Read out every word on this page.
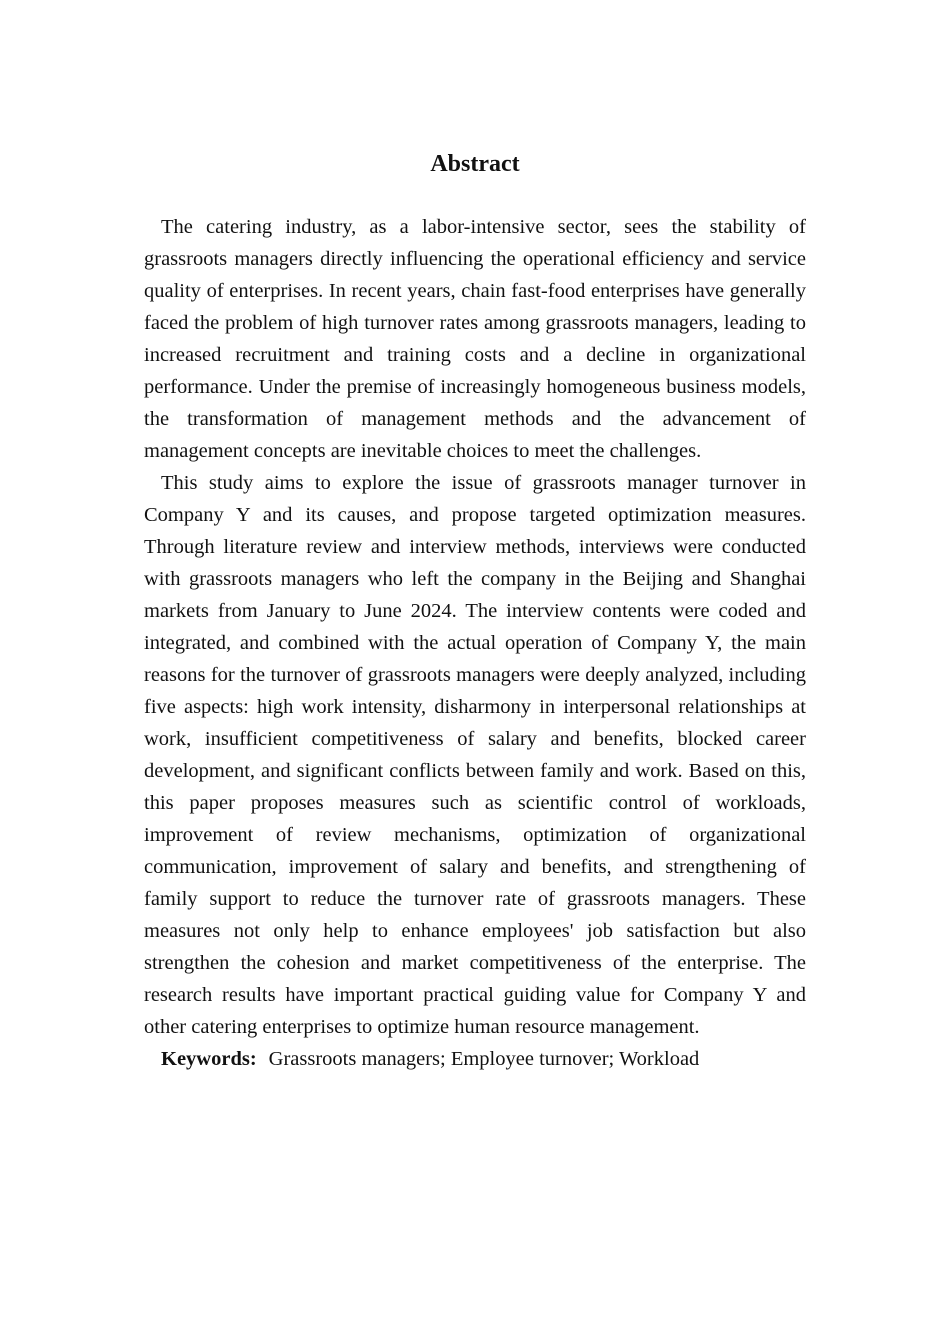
Abstract

The catering industry, as a labor-intensive sector, sees the stability of grassroots managers directly influencing the operational efficiency and service quality of enterprises. In recent years, chain fast-food enterprises have generally faced the problem of high turnover rates among grassroots managers, leading to increased recruitment and training costs and a decline in organizational performance. Under the premise of increasingly homogeneous business models, the transformation of management methods and the advancement of management concepts are inevitable choices to meet the challenges.

This study aims to explore the issue of grassroots manager turnover in Company Y and its causes, and propose targeted optimization measures. Through literature review and interview methods, interviews were conducted with grassroots managers who left the company in the Beijing and Shanghai markets from January to June 2024. The interview contents were coded and integrated, and combined with the actual operation of Company Y, the main reasons for the turnover of grassroots managers were deeply analyzed, including five aspects: high work intensity, disharmony in interpersonal relationships at work, insufficient competitiveness of salary and benefits, blocked career development, and significant conflicts between family and work. Based on this, this paper proposes measures such as scientific control of workloads, improvement of review mechanisms, optimization of organizational communication, improvement of salary and benefits, and strengthening of family support to reduce the turnover rate of grassroots managers. These measures not only help to enhance employees' job satisfaction but also strengthen the cohesion and market competitiveness of the enterprise. The research results have important practical guiding value for Company Y and other catering enterprises to optimize human resource management.

Keywords: Grassroots managers; Employee turnover; Workload
